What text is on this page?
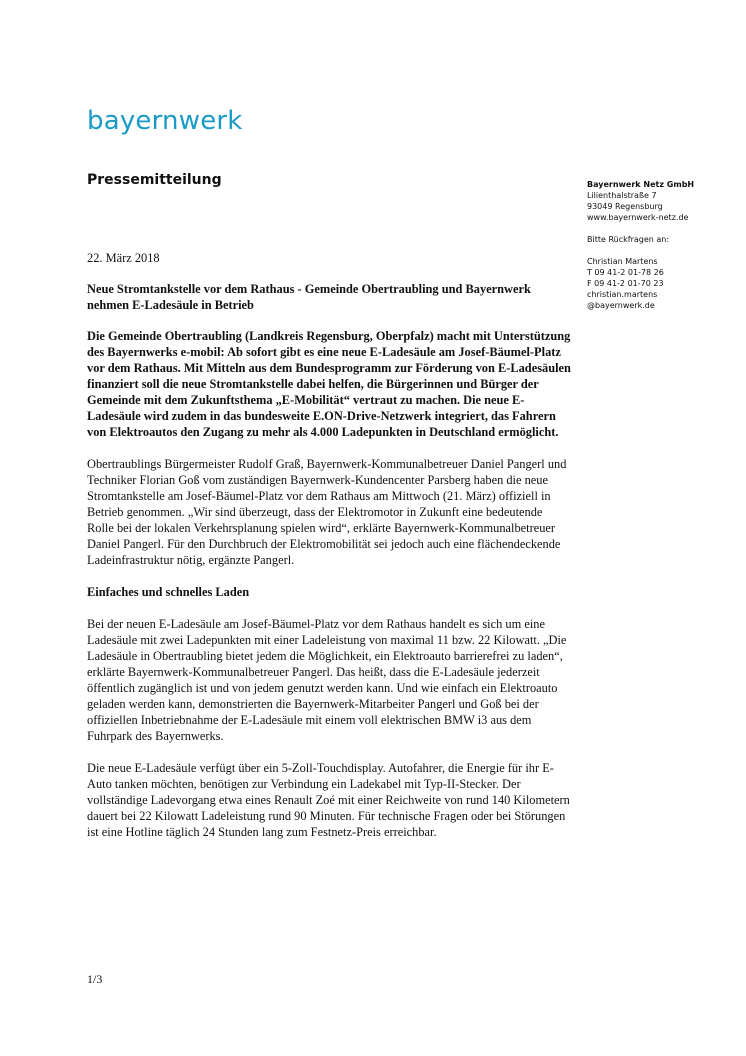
bayernwerk
Pressemitteilung	Bayernwerk Netz GmbH
Lilienthalstraße 7
93049 Regensburg
www.bayernwerk-netz.de
Bitte Rückfragen an:
Christian Martens
T 09 41-2 01-78 26
F 09 41-2 01-70 23
christian.martens
@bayernwerk.de

22. März 2018

Neue Stromtankstelle vor dem Rathaus - Gemeinde Obertraubling und Bayernwerk nehmen E-Ladesäule in Betrieb

Die Gemeinde Obertraubling (Landkreis Regensburg, Oberpfalz) macht mit Unterstützung des Bayernwerks e-mobil: Ab sofort gibt es eine neue E-Ladesäule am Josef-Bäumel-Platz vor dem Rathaus. Mit Mitteln aus dem Bundesprogramm zur Förderung von E-Ladesäulen finanziert soll die neue Stromtankstelle dabei helfen, die Bürgerinnen und Bürger der Gemeinde mit dem Zukunftsthema „E-Mobilität“ vertraut zu machen. Die neue E-Ladesäule wird zudem in das bundesweite E.ON-Drive-Netzwerk integriert, das Fahrern von Elektroautos den Zugang zu mehr als 4.000 Ladepunkten in Deutschland ermöglicht.

Obertraublings Bürgermeister Rudolf Graß, Bayernwerk-Kommunalbetreuer Daniel Pangerl und Techniker Florian Goß vom zuständigen Bayernwerk-Kundencenter Parsberg haben die neue Stromtankstelle am Josef-Bäumel-Platz vor dem Rathaus am Mittwoch (21. März) offiziell in Betrieb genommen. „Wir sind überzeugt, dass der Elektromotor in Zukunft eine bedeutende Rolle bei der lokalen Verkehrsplanung spielen wird“, erklärte Bayernwerk-Kommunalbetreuer Daniel Pangerl. Für den Durchbruch der Elektromobilität sei jedoch auch eine flächendeckende Ladeinfrastruktur nötig, ergänzte Pangerl.

Einfaches und schnelles Laden

Bei der neuen E-Ladesäule am Josef-Bäumel-Platz vor dem Rathaus handelt es sich um eine Ladesäule mit zwei Ladepunkten mit einer Ladeleistung von maximal 11 bzw. 22 Kilowatt. „Die Ladesäule in Obertraubling bietet jedem die Möglichkeit, ein Elektroauto barrierefrei zu laden“, erklärte Bayernwerk-Kommunalbetreuer Pangerl. Das heißt, dass die E-Ladesäule jederzeit öffentlich zugänglich ist und von jedem genutzt werden kann. Und wie einfach ein Elektroauto geladen werden kann, demonstrierten die Bayernwerk-Mitarbeiter Pangerl und Goß bei der offiziellen Inbetriebnahme der E-Ladesäule mit einem voll elektrischen BMW i3 aus dem Fuhrpark des Bayernwerks.

Die neue E-Ladesäule verfügt über ein 5-Zoll-Touchdisplay. Autofahrer, die Energie für ihr E-Auto tanken möchten, benötigen zur Verbindung ein Ladekabel mit Typ-II-Stecker. Der vollständige Ladevorgang etwa eines Renault Zoé mit einer Reichweite von rund 140 Kilometern dauert bei 22 Kilowatt Ladeleistung rund 90 Minuten. Für technische Fragen oder bei Störungen ist eine Hotline täglich 24 Stunden lang zum Festnetz-Preis erreichbar.

1/3
